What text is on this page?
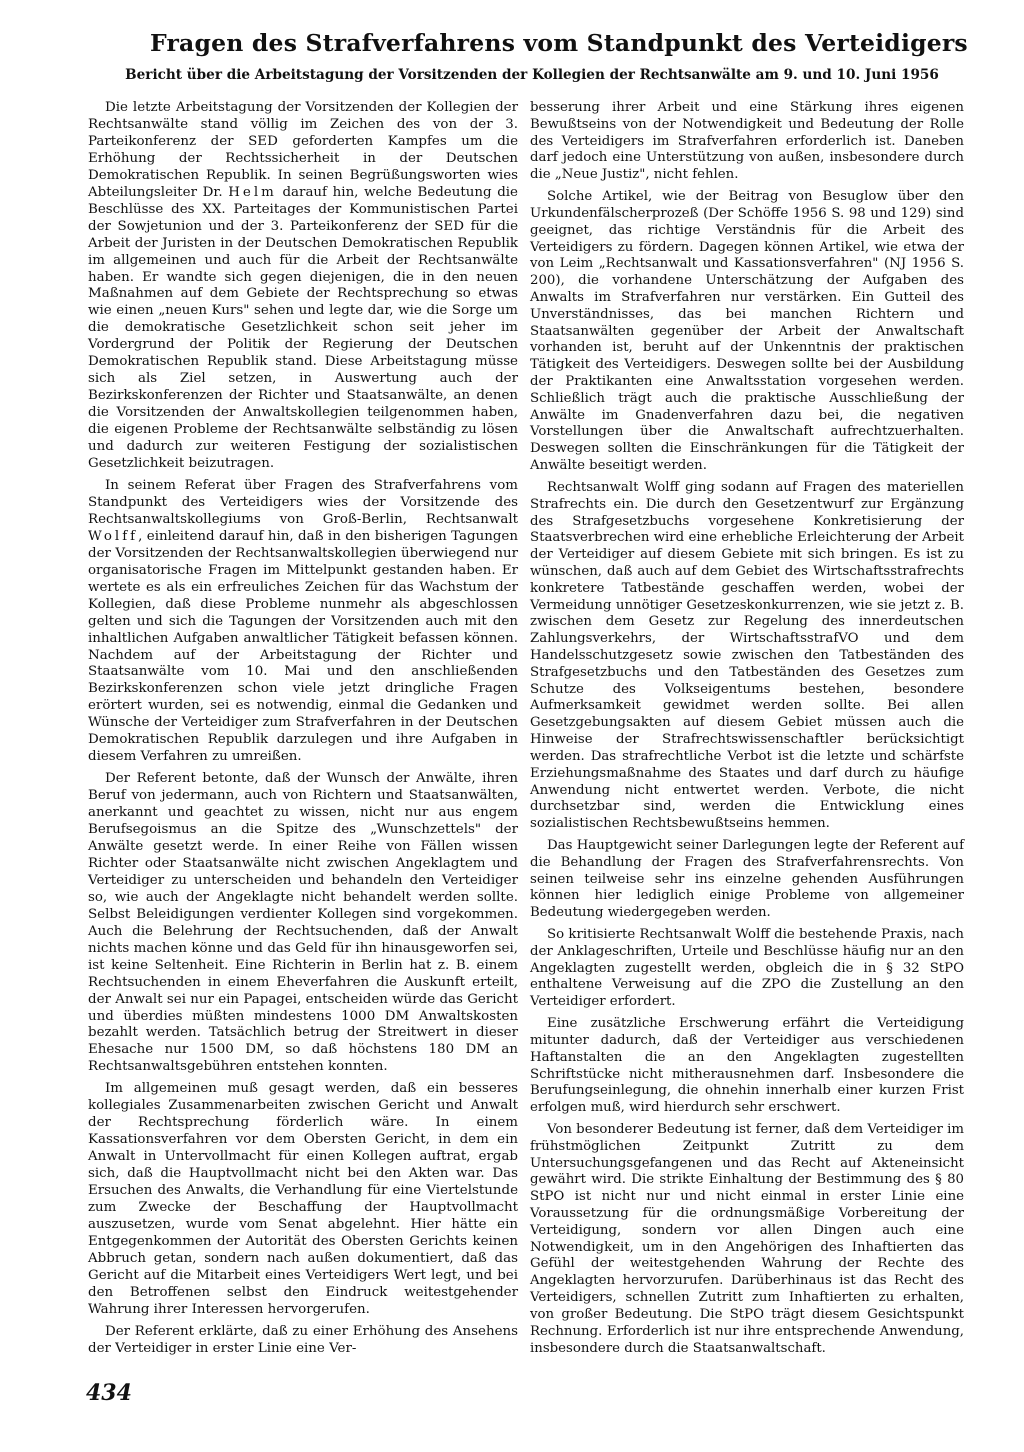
Fragen des Strafverfahrens vom Standpunkt des Verteidigers
Bericht über die Arbeitstagung der Vorsitzenden der Kollegien der Rechtsanwälte am 9. und 10. Juni 1956

Die letzte Arbeitstagung der Vorsitzenden der Kollegien der Rechtsanwälte stand völlig im Zeichen des von der 3. Parteikonferenz der SED geforderten Kampfes um die Erhöhung der Rechtssicherheit in der Deutschen Demokratischen Republik. In seinen Begrüßungsworten wies Abteilungsleiter Dr. Helm darauf hin, welche Bedeutung die Beschlüsse des XX. Parteitages der Kommunistischen Partei der Sowjetunion und der 3. Parteikonferenz der SED für die Arbeit der Juristen in der Deutschen Demokratischen Republik im allgemeinen und auch für die Arbeit der Rechtsanwälte haben. Er wandte sich gegen diejenigen, die in den neuen Maßnahmen auf dem Gebiete der Rechtsprechung so etwas wie einen „neuen Kurs" sehen und legte dar, wie die Sorge um die demokratische Gesetzlichkeit schon seit jeher im Vordergrund der Politik der Regierung der Deutschen Demokratischen Republik stand. Diese Arbeitstagung müsse sich als Ziel setzen, in Auswertung auch der Bezirkskonferenzen der Richter und Staatsanwälte, an denen die Vorsitzenden der Anwaltskollegien teilgenommen haben, die eigenen Probleme der Rechtsanwälte selbständig zu lösen und dadurch zur weiteren Festigung der sozialistischen Gesetzlichkeit beizutragen.

In seinem Referat über Fragen des Strafverfahrens vom Standpunkt des Verteidigers wies der Vorsitzende des Rechtsanwaltskollegiums von Groß-Berlin, Rechtsanwalt Wolff, einleitend darauf hin, daß in den bisherigen Tagungen der Vorsitzenden der Rechtsanwaltskollegien überwiegend nur organisatorische Fragen im Mittelpunkt gestanden haben. Er wertete es als ein erfreuliches Zeichen für das Wachstum der Kollegien, daß diese Probleme nunmehr als abgeschlossen gelten und sich die Tagungen der Vorsitzenden auch mit den inhaltlichen Aufgaben anwaltlicher Tätigkeit befassen können. Nachdem auf der Arbeitstagung der Richter und Staatsanwälte vom 10. Mai und den anschließenden Bezirkskonferenzen schon viele jetzt dringliche Fragen erörtert wurden, sei es notwendig, einmal die Gedanken und Wünsche der Verteidiger zum Strafverfahren in der Deutschen Demokratischen Republik darzulegen und ihre Aufgaben in diesem Verfahren zu umreißen.

Der Referent betonte, daß der Wunsch der Anwälte, ihren Beruf von jedermann, auch von Richtern und Staatsanwälten, anerkannt und geachtet zu wissen, nicht nur aus engem Berufsegoismus an die Spitze des „Wunschzettels" der Anwälte gesetzt werde. In einer Reihe von Fällen wissen Richter oder Staatsanwälte nicht zwischen Angeklagtem und Verteidiger zu unterscheiden und behandeln den Verteidiger so, wie auch der Angeklagte nicht behandelt werden sollte. Selbst Beleidigungen verdienter Kollegen sind vorgekommen. Auch die Belehrung der Rechtsuchenden, daß der Anwalt nichts machen könne und das Geld für ihn hinausgeworfen sei, ist keine Seltenheit. Eine Richterin in Berlin hat z. B. einem Rechtsuchenden in einem Eheverfahren die Auskunft erteilt, der Anwalt sei nur ein Papagei, entscheiden würde das Gericht und überdies müßten mindestens 1000 DM Anwaltskosten bezahlt werden. Tatsächlich betrug der Streitwert in dieser Ehesache nur 1500 DM, so daß höchstens 180 DM an Rechtsanwaltsgebühren entstehen konnten.

Im allgemeinen muß gesagt werden, daß ein besseres kollegiales Zusammenarbeiten zwischen Gericht und Anwalt der Rechtsprechung förderlich wäre. In einem Kassationsverfahren vor dem Obersten Gericht, in dem ein Anwalt in Untervollmacht für einen Kollegen auftrat, ergab sich, daß die Hauptvollmacht nicht bei den Akten war. Das Ersuchen des Anwalts, die Verhandlung für eine Viertelstunde zum Zwecke der Beschaffung der Hauptvollmacht auszusetzen, wurde vom Senat abgelehnt. Hier hätte ein Entgegenkommen der Autorität des Obersten Gerichts keinen Abbruch getan, sondern nach außen dokumentiert, daß das Gericht auf die Mitarbeit eines Verteidigers Wert legt, und bei den Betroffenen selbst den Eindruck weitestgehender Wahrung ihrer Interessen hervorgerufen.

Der Referent erklärte, daß zu einer Erhöhung des Ansehens der Verteidiger in erster Linie eine Ver-

besserung ihrer Arbeit und eine Stärkung ihres eigenen Bewußtseins von der Notwendigkeit und Bedeutung der Rolle des Verteidigers im Strafverfahren erforderlich ist. Daneben darf jedoch eine Unterstützung von außen, insbesondere durch die „Neue Justiz", nicht fehlen.

Solche Artikel, wie der Beitrag von Besuglow über den Urkundenfälscherprozeß (Der Schöffe 1956 S. 98 und 129) sind geeignet, das richtige Verständnis für die Arbeit des Verteidigers zu fördern. Dagegen können Artikel, wie etwa der von Leim „Rechtsanwalt und Kassationsverfahren" (NJ 1956 S. 200), die vorhandene Unterschätzung der Aufgaben des Anwalts im Strafverfahren nur verstärken. Ein Gutteil des Unverständnisses, das bei manchen Richtern und Staatsanwälten gegenüber der Arbeit der Anwaltschaft vorhanden ist, beruht auf der Unkenntnis der praktischen Tätigkeit des Verteidigers. Deswegen sollte bei der Ausbildung der Praktikanten eine Anwaltsstation vorgesehen werden. Schließlich trägt auch die praktische Ausschließung der Anwälte im Gnadenverfahren dazu bei, die negativen Vorstellungen über die Anwaltschaft aufrechtzuerhalten. Deswegen sollten die Einschränkungen für die Tätigkeit der Anwälte beseitigt werden.

Rechtsanwalt Wolff ging sodann auf Fragen des materiellen Strafrechts ein. Die durch den Gesetzentwurf zur Ergänzung des Strafgesetzbuchs vorgesehene Konkretisierung der Staatsverbrechen wird eine erhebliche Erleichterung der Arbeit der Verteidiger auf diesem Gebiete mit sich bringen. Es ist zu wünschen, daß auch auf dem Gebiet des Wirtschaftsstrafrechts konkretere Tatbestände geschaffen werden, wobei der Vermeidung unnötiger Gesetzeskonkurrenzen, wie sie jetzt z. B. zwischen dem Gesetz zur Regelung des innerdeutschen Zahlungsverkehrs, der WirtschaftsstrafVO und dem Handelsschutzgesetz sowie zwischen den Tatbeständen des Strafgesetzbuchs und den Tatbeständen des Gesetzes zum Schutze des Volkseigentums bestehen, besondere Aufmerksamkeit gewidmet werden sollte. Bei allen Gesetzgebungsakten auf diesem Gebiet müssen auch die Hinweise der Strafrechtswissenschaftler berücksichtigt werden. Das strafrechtliche Verbot ist die letzte und schärfste Erziehungsmaßnahme des Staates und darf durch zu häufige Anwendung nicht entwertet werden. Verbote, die nicht durchsetzbar sind, werden die Entwicklung eines sozialistischen Rechtsbewußtseins hemmen.

Das Hauptgewicht seiner Darlegungen legte der Referent auf die Behandlung der Fragen des Strafverfahrensrechts. Von seinen teilweise sehr ins einzelne gehenden Ausführungen können hier lediglich einige Probleme von allgemeiner Bedeutung wiedergegeben werden.

So kritisierte Rechtsanwalt Wolff die bestehende Praxis, nach der Anklageschriften, Urteile und Beschlüsse häufig nur an den Angeklagten zugestellt werden, obgleich die in § 32 StPO enthaltene Verweisung auf die ZPO die Zustellung an den Verteidiger erfordert.

Eine zusätzliche Erschwerung erfährt die Verteidigung mitunter dadurch, daß der Verteidiger aus verschiedenen Haftanstalten die an den Angeklagten zugestellten Schriftstücke nicht mitherausnehmen darf. Insbesondere die Berufungseinlegung, die ohnehin innerhalb einer kurzen Frist erfolgen muß, wird hierdurch sehr erschwert.

Von besonderer Bedeutung ist ferner, daß dem Verteidiger im frühstmöglichen Zeitpunkt Zutritt zu dem Untersuchungsgefangenen und das Recht auf Akteneinsicht gewährt wird. Die strikte Einhaltung der Bestimmung des § 80 StPO ist nicht nur und nicht einmal in erster Linie eine Voraussetzung für die ordnungsmäßige Vorbereitung der Verteidigung, sondern vor allen Dingen auch eine Notwendigkeit, um in den Angehörigen des Inhaftierten das Gefühl der weitestgehenden Wahrung der Rechte des Angeklagten hervorzurufen. Darüberhinaus ist das Recht des Verteidigers, schnellen Zutritt zum Inhaftierten zu erhalten, von großer Bedeutung. Die StPO trägt diesem Gesichtspunkt Rechnung. Erforderlich ist nur ihre entsprechende Anwendung, insbesondere durch die Staatsanwaltschaft.

434
